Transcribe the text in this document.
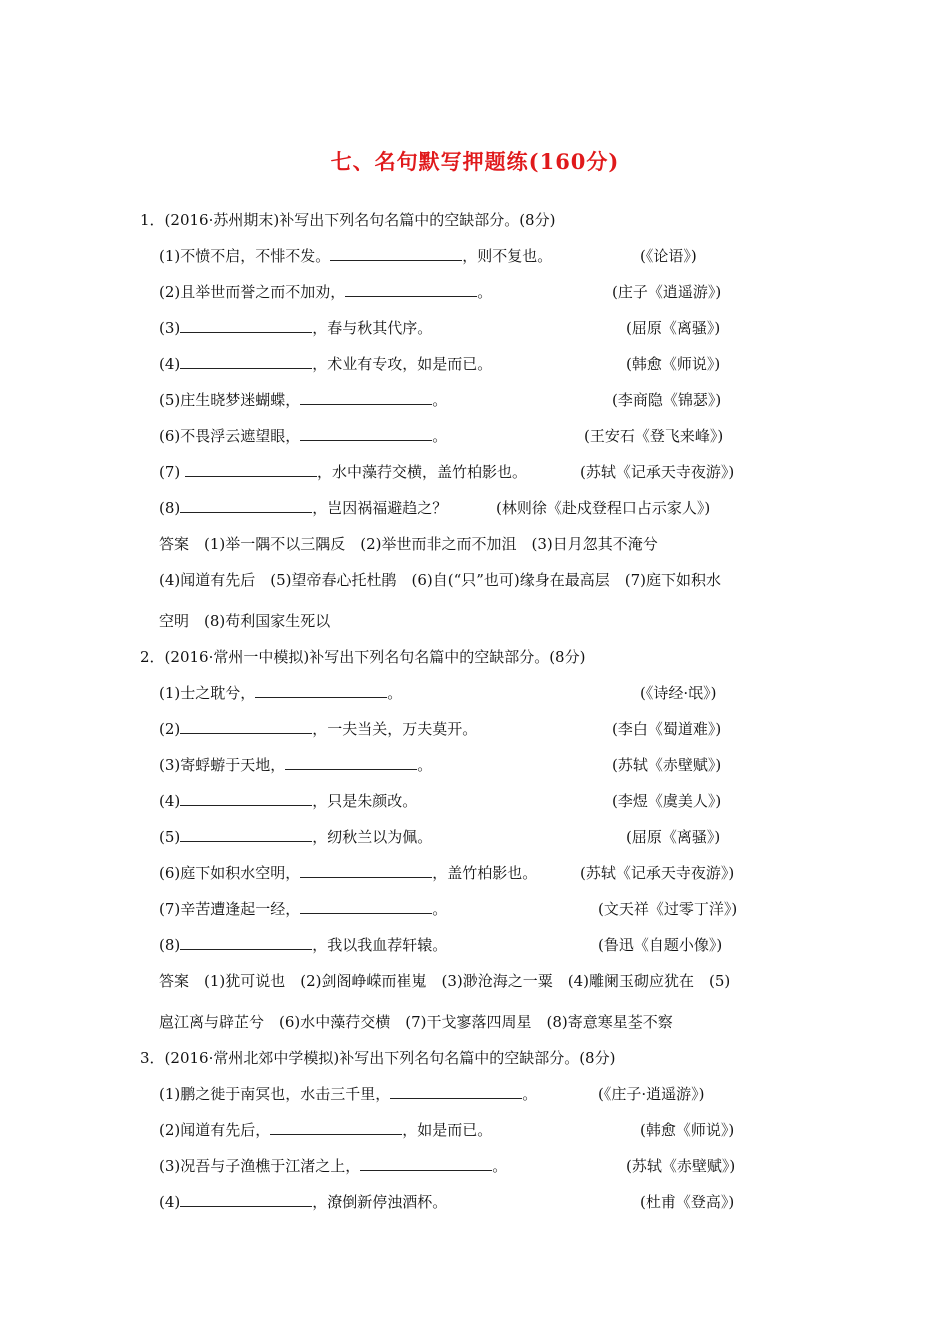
七、名句默写押题练(160分)
1．(2016·苏州期末)补写出下列名句名篇中的空缺部分。(8分)
(1)不愤不启，不悱不发。	，则不复也。	(《论语》)
(2)且举世而誉之而不加劝，	。	(庄子《逍遥游》)
(3)	，春与秋其代序。	(屈原《离骚》)
(4)	，术业有专攻，如是而已。	(韩愈《师说》)
(5)庄生晓梦迷蝴蝶，	。	(李商隐《锦瑟》)
(6)不畏浮云遮望眼，	。	(王安石《登飞来峰》)
(7)	，水中藻荇交横，盖竹柏影也。	(苏轼《记承天寺夜游》)
(8)	，岂因祸福避趋之？	(林则徐《赴戍登程口占示家人》)
答案　(1)举一隅不以三隅反　(2)举世而非之而不加沮　(3)日月忽其不淹兮
(4)闻道有先后　(5)望帝春心托杜鹃　(6)自(“只”也可)缘身在最高层　(7)庭下如积水
空明　(8)苟利国家生死以
2．(2016·常州一中模拟)补写出下列名句名篇中的空缺部分。(8分)
(1)士之耽兮，	。	(《诗经·氓》)
(2)	，一夫当关，万夫莫开。	(李白《蜀道难》)
(3)寄蜉蝣于天地，	。	(苏轼《赤壁赋》)
(4)	，只是朱颜改。	(李煜《虞美人》)
(5)	，纫秋兰以为佩。	(屈原《离骚》)
(6)庭下如积水空明，	，盖竹柏影也。	(苏轼《记承天寺夜游》)
(7)辛苦遭逢起一经，	。	(文天祥《过零丁洋》)
(8)	，我以我血荐轩辕。	(鲁迅《自题小像》)
答案　(1)犹可说也　(2)剑阁峥嵘而崔嵬　(3)渺沧海之一粟　(4)雕阑玉砌应犹在　(5)
扈江离与辟芷兮　(6)水中藻荇交横　(7)干戈寥落四周星　(8)寄意寒星荃不察
3．(2016·常州北郊中学模拟)补写出下列名句名篇中的空缺部分。(8分)
(1)鹏之徙于南冥也，水击三千里，	。	(《庄子·逍遥游》)
(2)闻道有先后，	，如是而已。	(韩愈《师说》)
(3)况吾与子渔樵于江渚之上，	。	(苏轼《赤壁赋》)
(4)	，潦倒新停浊酒杯。	(杜甫《登高》)
